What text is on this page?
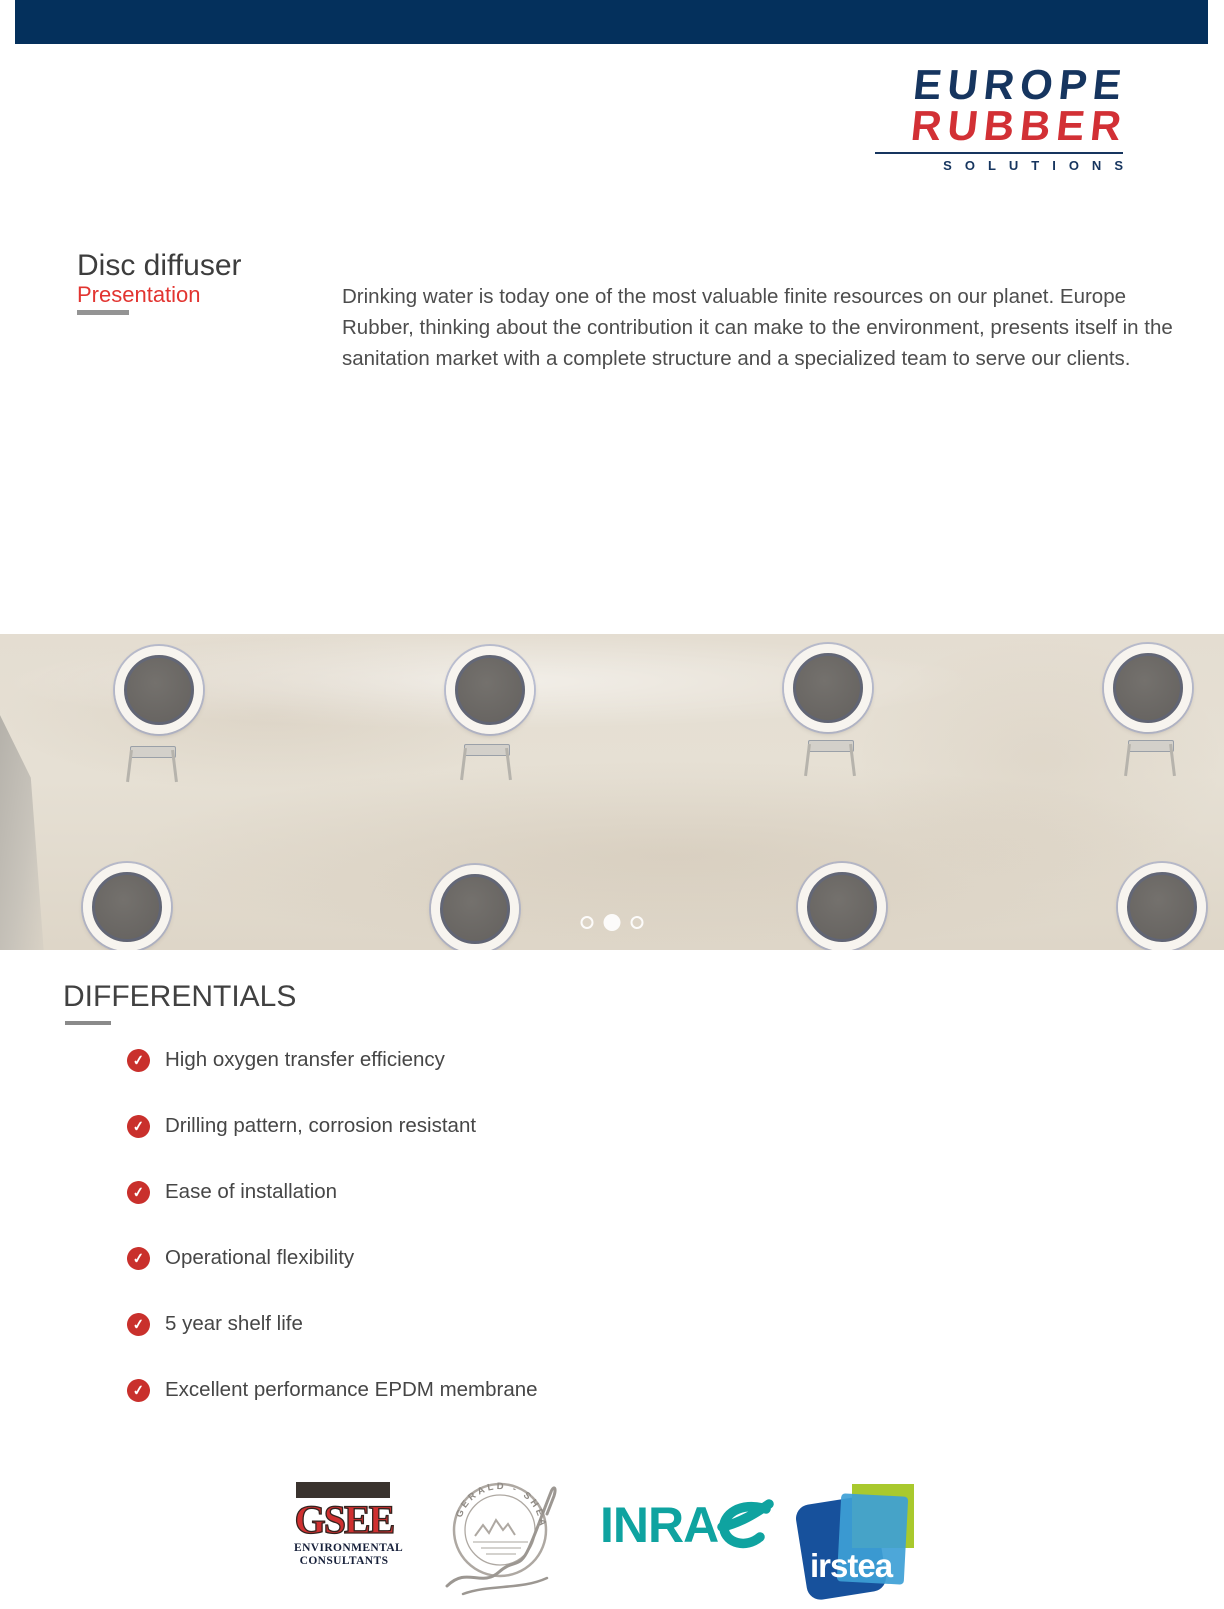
EUROPE
RUBBER
SOLUTIONS
Disc diffuser
Presentation	Drinking water is today one of the most valuable finite resources on our planet. Europe Rubber, thinking about the contribution it can make to the environment, presents itself in the sanitation market with a complete structure and a specialized team to serve our clients.

DIFFERENTIALS
✓ High oxygen transfer efficiency
✓ Drilling pattern, corrosion resistant
✓ Ease of installation
✓ Operational flexibility
✓ 5 year shelf life
✓ Excellent performance EPDM membrane
GSEE
ENVIRONMENTAL
CONSULTANTS
GERALD - SHEA INRA
irstea
